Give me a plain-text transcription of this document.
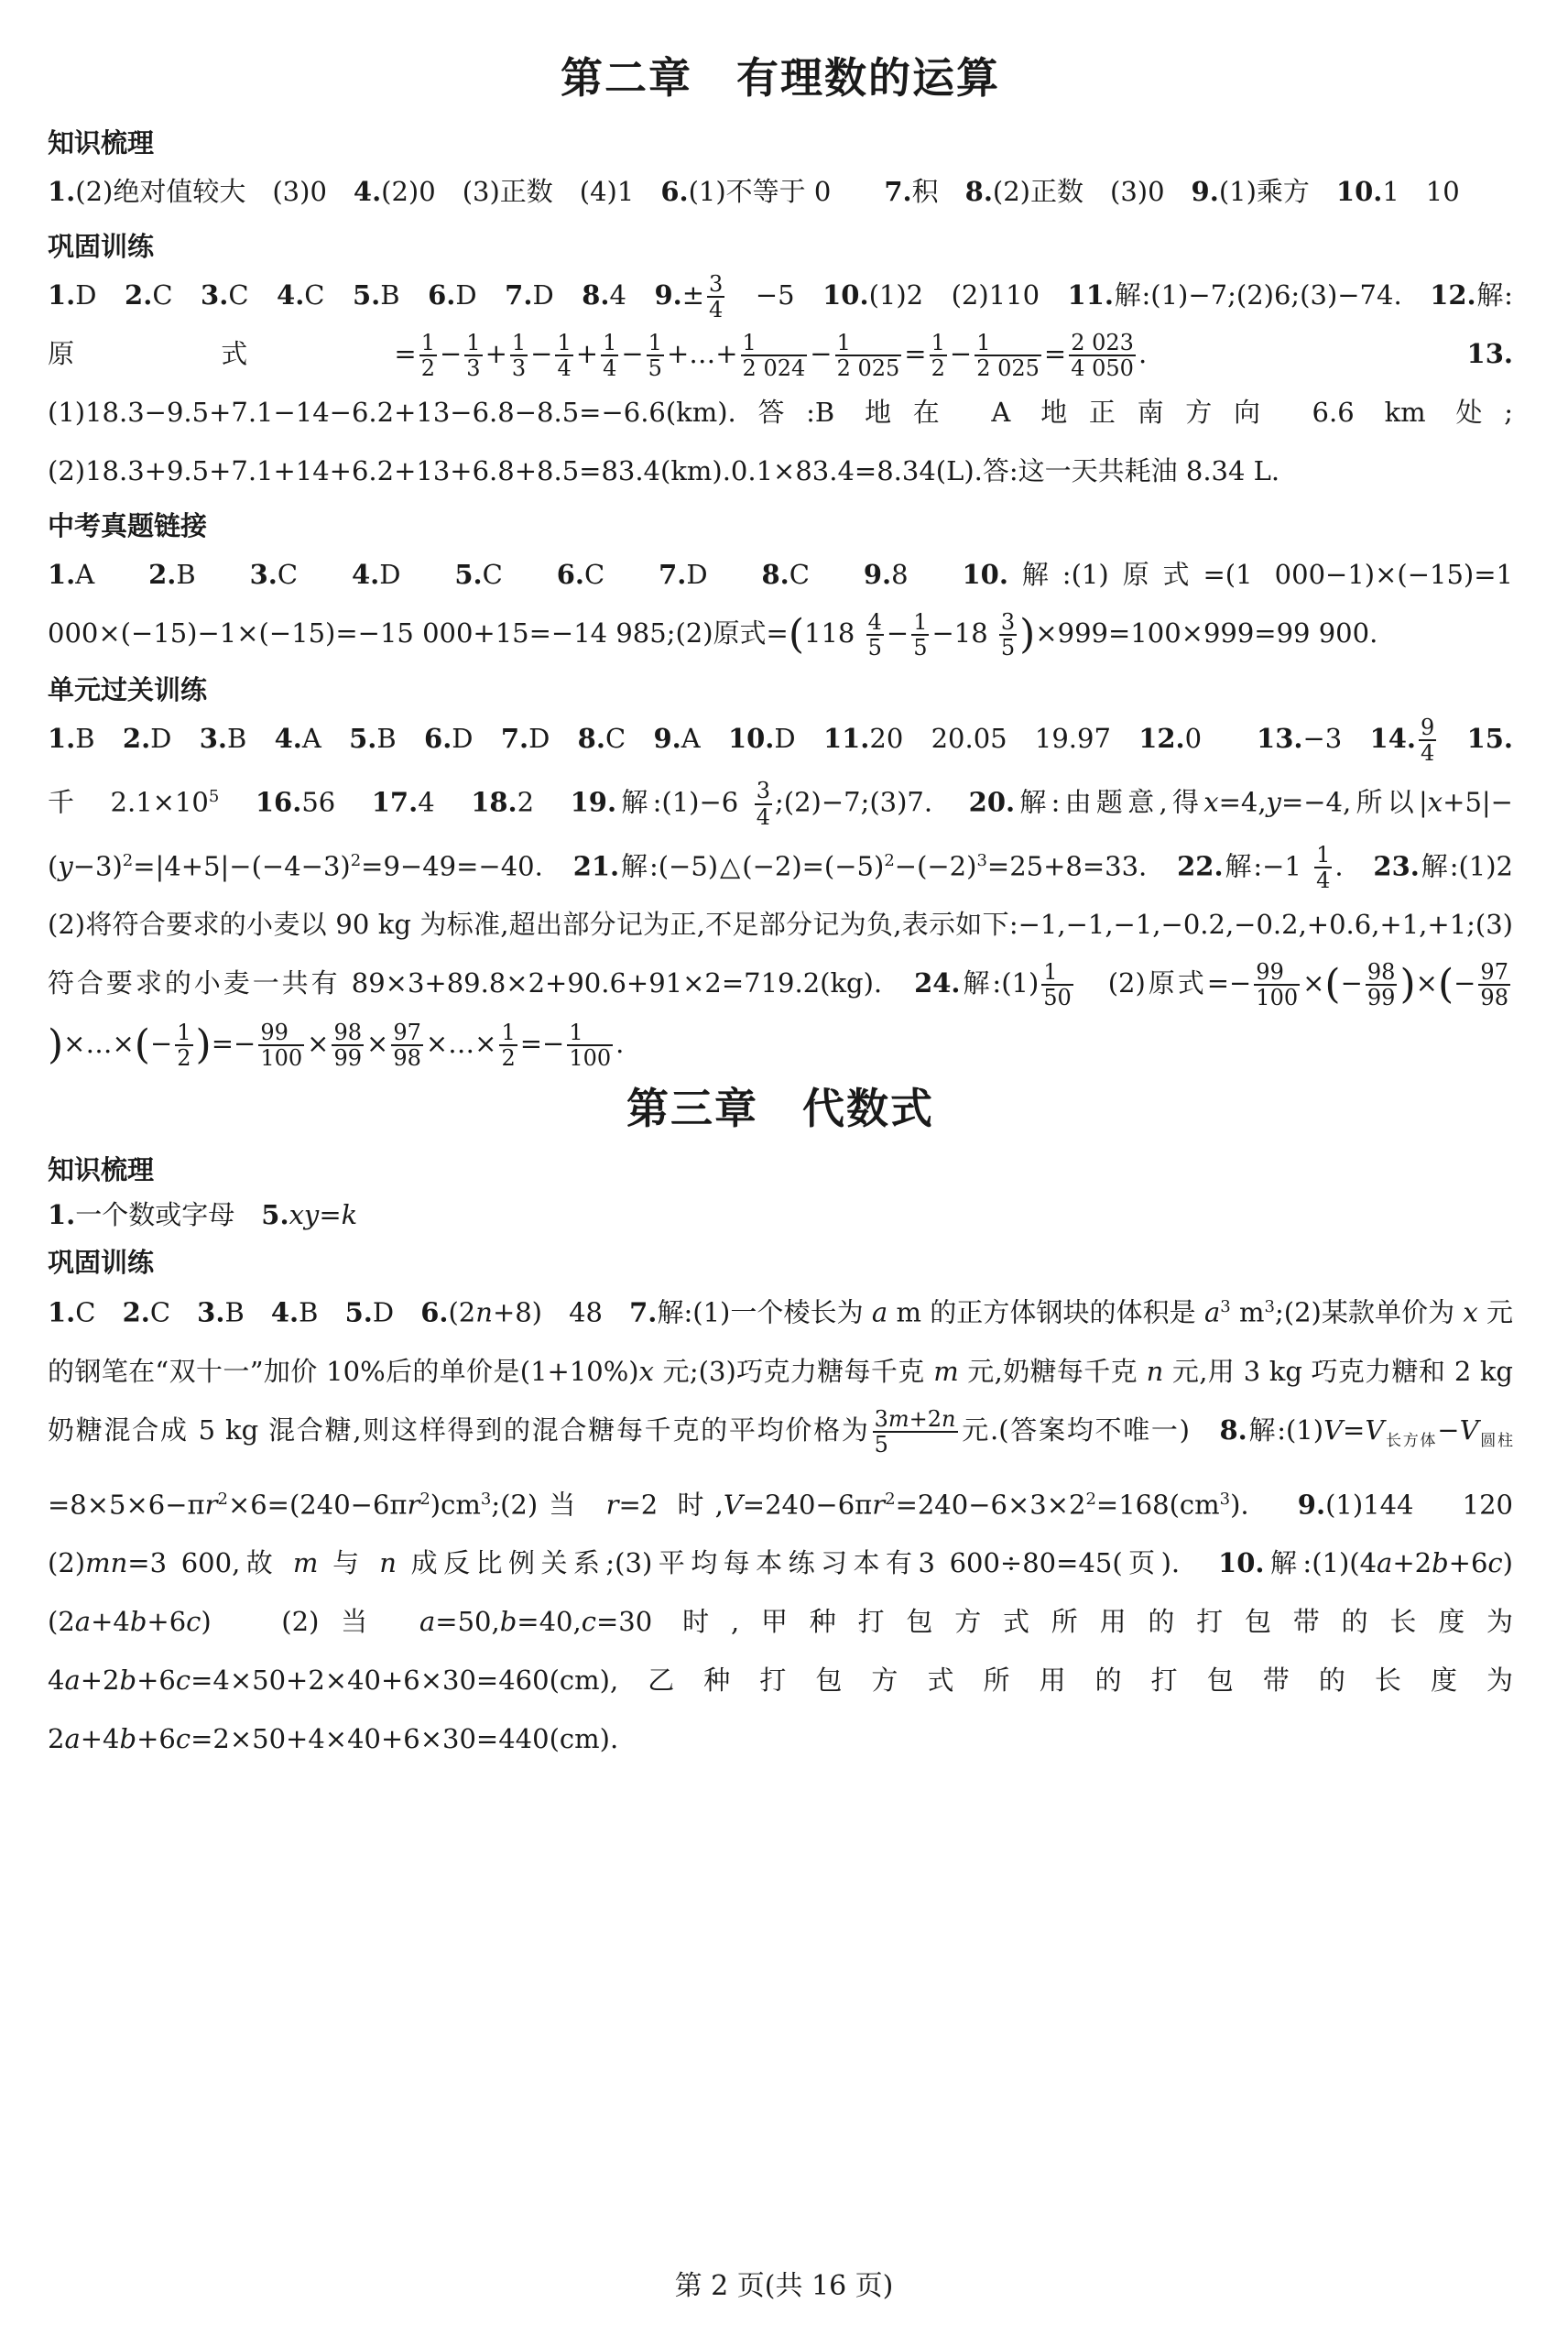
第二章　有理数的运算
知识梳理
1.(2)绝对值较大　(3)0　4.(2)0　(3)正数　(4)1　6.(1)不等于 0　　7.积　8.(2)正数　(3)0　9.(1)乘方　10.1　10
巩固训练
1.D　2.C　3.C　4.C　5.B　6.D　7.D　8.4　$9.\pm \frac{3}{4}$ 　−5　10.(1)2　(2)110　11.解:(1)−7;(2)6;(3)−74.　12.解:原式= $\frac{1}{2} - \frac{1}{3} + \frac{1}{3} - \frac{1}{4} + \frac{1}{4} - \frac{1}{5}$ +…+ $\frac{1}{2 024} - \frac{1}{2 025} = \frac{1}{2} - \frac{1}{2 025} = \frac{2 023}{4 050}$ .　13.(1)18.3−9.5+7.1−14−6.2+13−6.8−8.5=−6.6(km).答:B 地在 A 地正南方向 6.6 km 处;(2)18.3+9.5+7.1+14+6.2+13+6.8+8.5=83.4(km).0.1×83.4=8.34(L).答:这一天共耗油 8.34 L.
中考真题链接
1.A　2.B　3.C　4.D　5.C　6.C　7.D　8.C　9.8　10.解:(1)原式=(1 000−1)×(−15)=1 000×(−15)−1×(−15)=−15 000+15=−14 985;(2)原式$=(118 \frac{4}{5} - \frac{1}{5} -18 \frac{3}{5} )\times 999=100\times 999=99$ 900.
单元过关训练
1.B　2.D　3.B　4.A　5.B　6.D　7.D　8.C　9.A　10.D　11.20　20.05　19.97　12.0　　13.−3　14. $\frac{9}{4}$
　 15.千　$2.1\times 10^5$　 16.56　17.4　18.2　19.解:(1)−6 $\frac{3}{4}$ ;(2)−7;(3)7.　20.解:由题意,得x=4,y=−4,所以$|x+5|-(y-3)^2=|4+5|-(-4-3)^2=9-49=-40$.　21.解$:(-5)\triangle(-2)=(-5)^2-(-2)^3=25+8=33$.　22.解:−1 $\frac{1}{4}$ .　23.解:(1)2　(2)将符合要求的小麦以 90 kg 为标准,超出部分记为正,不足部分记为负,表示如下:−1,−1,−1,−0.2,−0.2,+0.6,+1,+1;(3)符合要求的小麦一共有 89×3+89.8×2+90.6+91×2=719.2(kg).　24.解:(1) $\frac{1}{50}$ 　(2)原式=− $\frac{99}{100}$ ×(− $\frac{98}{99}$ )×(− $\frac{97}{98}$
)×…×(− $\frac{1}{2}$ )=− $\frac{99}{100} \times \frac{98}{99} \times \frac{97}{98}$ ×…× $\frac{1}{2} =- \frac{1}{100}$ .
第三章　代数式
知识梳理
1.一个数或字母　5.xy=k
巩固训练
1.C　2.C　3.B　4.B　5.D　6.(2n+8)　48　7.解:(1)一个棱长为 a m 的正方体钢块的体积是 $a^3$ $m^3;(2)$某款单价为 x 元的钢笔在“双十一”加价 10%后的单价是(1+10%)x 元;(3)巧克力糖每千克 m 元,奶糖每千克 n 元,用 3 kg 巧克力糖和 2 kg 奶糖混合成 5 kg 混合糖,则这样得到的混合糖每千克的平均价格为 $\frac{3m+2n}{5}$ 元.(答案均不唯一)　8.解$:(1)V=V_{长方体}-V_{圆柱}=8\times 5\times 6-\pi r^2\times 6=(240-6\pi r^2)cm^3;(2)$当 r=2 时$,V=240-6\pi r^2=240-6\times 3\times 2^2=168(cm^3)$.　9.(1)144　120　(2)mn=3 600,故 m 与 n 成反比例关系;(3)平均每本练习本有3 600÷80=45(页).　10.解:(1)(4a+2b+6c)　(2a+4b+6c)　(2)当 a=50,b=40,c=30 时,甲种打包方式所用的打包带的长度为 4a+2b+6c=4×50+2×40+6×30=460(cm),乙种打包方式所用的打包带的长度为 2a+4b+6c=2×50+4×40+6×30=440(cm).
第 2 页(共 16 页)
